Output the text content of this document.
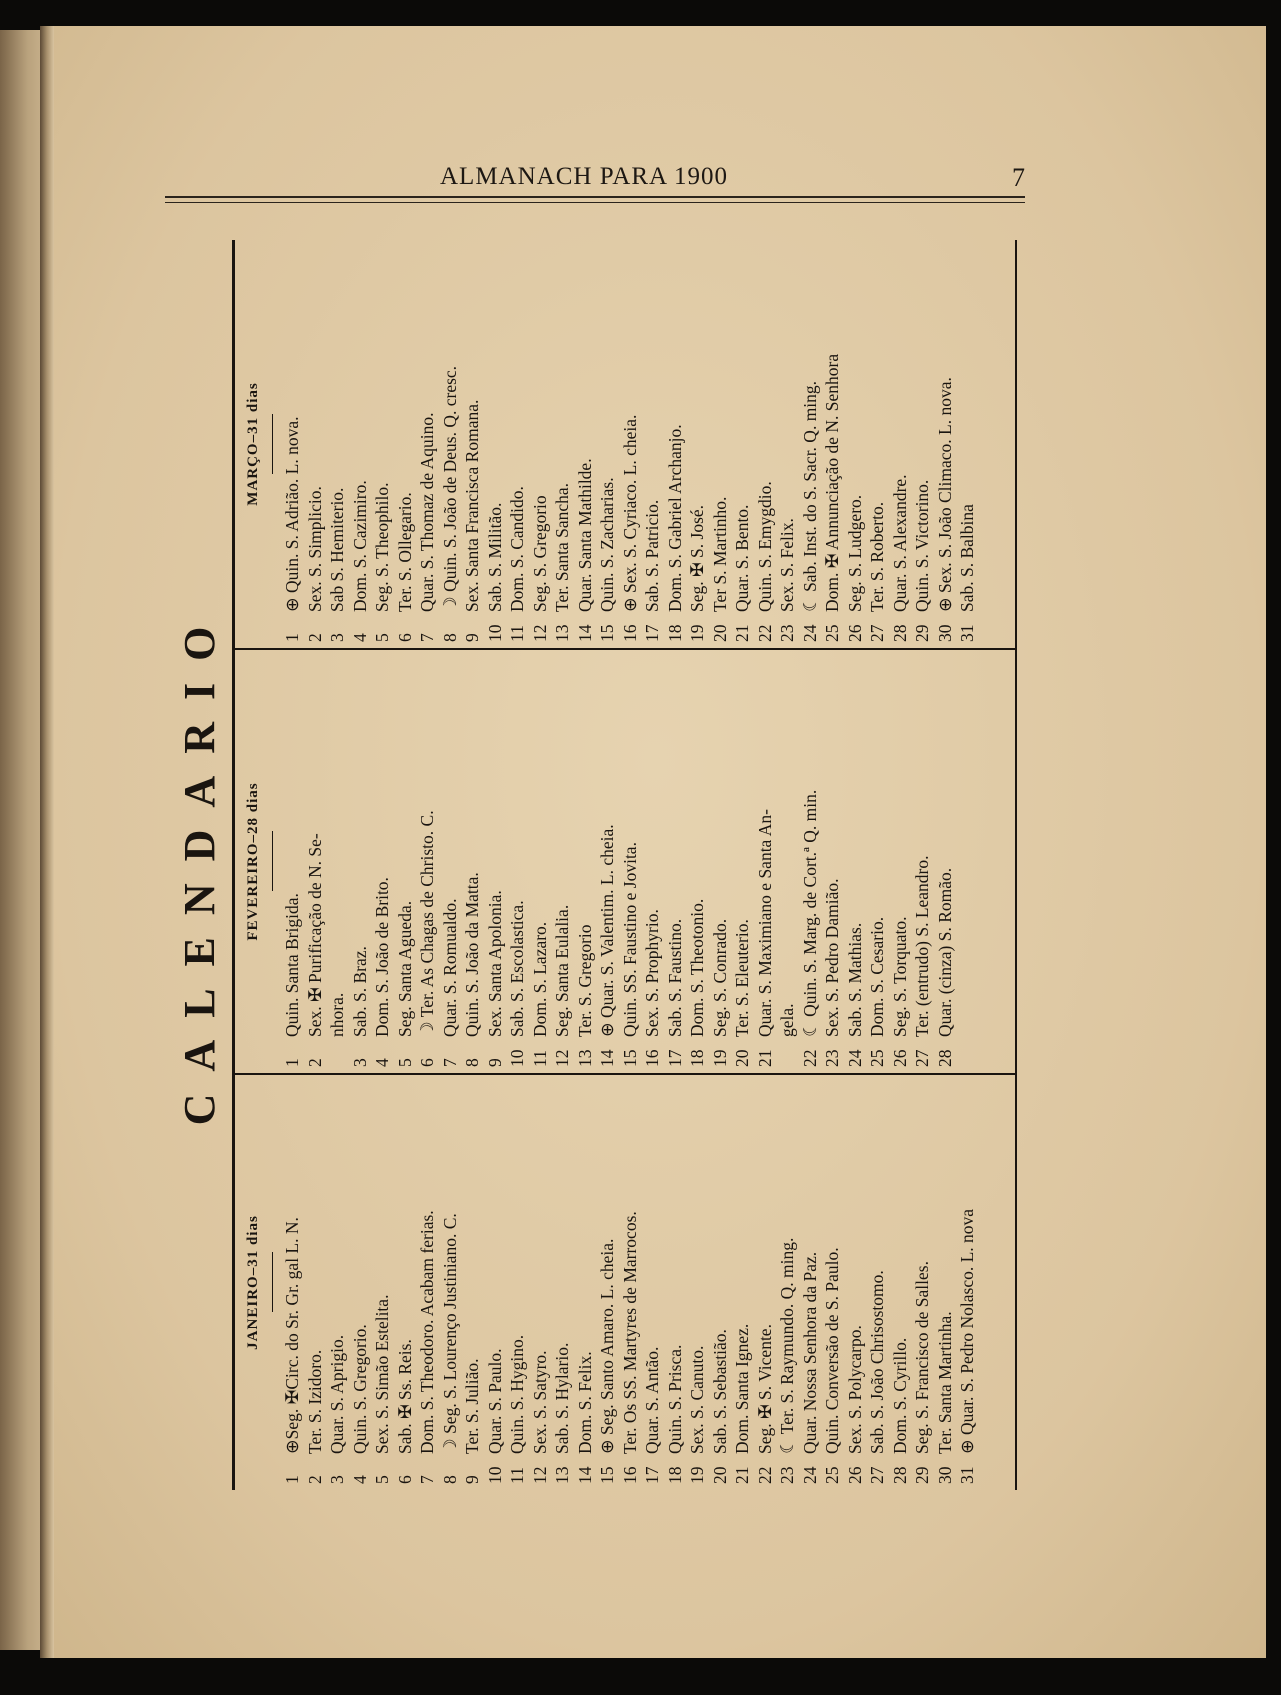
ALMANACH PARA 1900	7
CALENDARIO
JANEIRO–31 dias
1⊕Seg. ✠Circ. do Sr. Gr. gal L. N.
2Ter. S. Izidoro.
3Quar. S. Aprigio.
4Quin. S. Gregorio.
5Sex. S. Simão Estelita.
6Sab. ✠ Ss. Reis.
7Dom. S. Theodoro. Acabam ferias.
8☽ Seg. S. Lourenço Justiniano. C.
9Ter. S. Julião.
10Quar. S. Paulo.
11Quin. S. Hygino.
12Sex. S. Satyro.
13Sab. S. Hylario.
14Dom. S. Felix.
15⊕ Seg. Santo Amaro. L. cheia.
16Ter. Os SS. Martyres de Marrocos.
17Quar. S. Antão.
18Quin. S. Prisca.
19Sex. S. Canuto.
20Sab. S. Sebastião.
21Dom. Santa Ignez.
22Seg. ✠ S. Vicente.
23☾ Ter. S. Raymundo. Q. ming.
24Quar. Nossa Senhora da Paz.
25Quin. Conversão de S. Paulo.
26Sex. S. Polycarpo.
27Sab. S. João Chrisostomo.
28Dom. S. Cyrillo.
29Seg. S. Francisco de Salles.
30Ter. Santa Martinha.
31⊕ Quar. S. Pedro Nolasco. L. nova
FEVEREIRO–28 dias
1Quin. Santa Brigida.
2Sex. ✠ Purificação de N. Se- nhora.
3Sab. S. Braz.
4Dom. S. João de Brito.
5Seg. Santa Agueda.
6☽ Ter. As Chagas de Christo. C.
7Quar. S. Romualdo.
8Quin. S. João da Matta.
9Sex. Santa Apolonia.
10Sab. S. Escolastica.
11Dom. S. Lazaro.
12Seg. Santa Eulalia.
13Ter. S. Gregorio
14⊕ Quar. S. Valentim. L. cheia.
15Quin. SS. Faustino e Jovita.
16Sex. S. Prophyrio.
17Sab. S. Faustino.
18Dom. S. Theotonio.
19Seg. S. Conrado.
20Ter. S. Eleuterio.
21Quar. S. Maximiano e Santa An- gela.
22☾ Quin. S. Marg. de Cort.ª Q. min.
23Sex. S. Pedro Damião.
24Sab. S. Mathias.
25Dom. S. Cesario.
26Seg. S. Torquato.
27Ter. (entrudo) S. Leandro.
28Quar. (cinza) S. Romão.
MARÇO–31 dias
1⊕ Quin. S. Adrião. L. nova.
2Sex. S. Simplicio.
3Sab S. Hemiterio.
4Dom. S. Cazimiro.
5Seg. S. Theophilo.
6Ter. S. Ollegario.
7Quar. S. Thomaz de Aquino.
8☽ Quin. S. João de Deus. Q. cresc.
9Sex. Santa Francisca Romana.
10Sab. S. Militão.
11Dom. S. Candido.
12Seg. S. Gregorio
13Ter. Santa Sancha.
14Quar. Santa Mathilde.
15Quin. S. Zacharias.
16⊕ Sex. S. Cyriaco. L. cheia.
17Sab. S. Patricio.
18Dom. S. Gabriel Archanjo.
19Seg. ✠ S. José.
20Ter S. Martinho.
21Quar. S. Bento.
22Quin. S. Emygdio.
23Sex. S. Felix.
24☾ Sab. Inst. do S. Sacr. Q. ming.
25Dom. ✠ Annunciação de N. Senhora
26Seg. S. Ludgero.
27Ter. S. Roberto.
28Quar. S. Alexandre.
29Quin. S. Victorino.
30⊕ Sex. S. João Climaco. L. nova.
31Sab. S. Balbina
